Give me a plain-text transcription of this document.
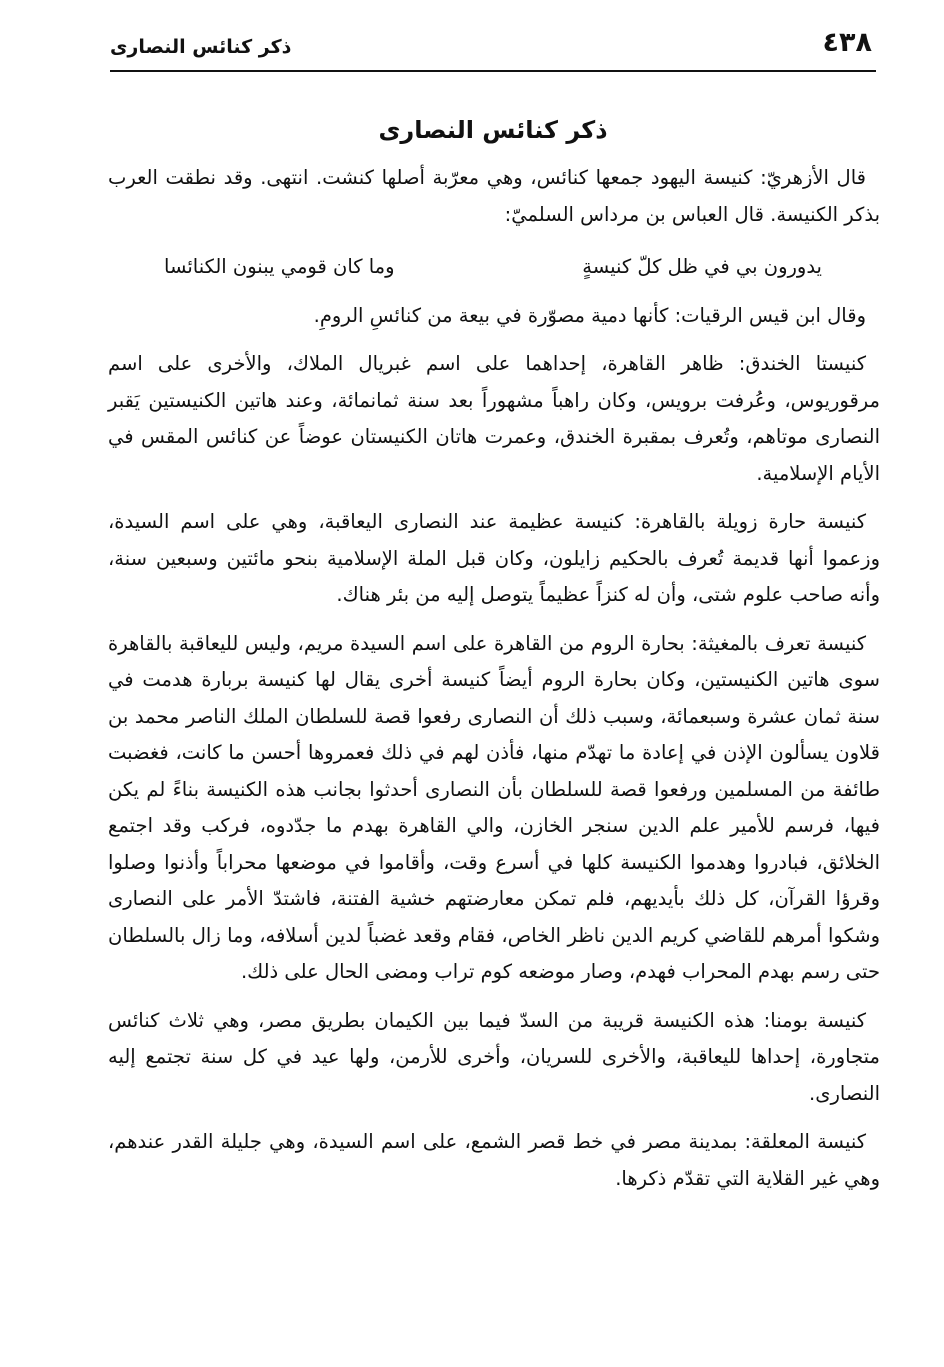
٤٣٨
ذكر كنائس النصارى
ذكر كنائس النصارى

قال الأزهريّ: كنيسة اليهود جمعها كنائس، وهي معرّبة أصلها كنشت. انتهى. وقد نطقت العرب بذكر الكنيسة. قال العباس بن مرداس السلميّ:

يدورون بي في ظل كلّ كنيسةٍ
وما كان قومي يبنون الكنائسا

وقال ابن قيس الرقيات: كأنها دمية مصوّرة في بيعة من كنائسِ الرومِ.

كنيستا الخندق: ظاهر القاهرة، إحداهما على اسم غبريال الملاك، والأخرى على اسم مرقوريوس، وعُرفت برويس، وكان راهباً مشهوراً بعد سنة ثمانمائة، وعند هاتين الكنيستين يَقبر النصارى موتاهم، وتُعرف بمقبرة الخندق، وعمرت هاتان الكنيستان عوضاً عن كنائس المقس في الأيام الإسلامية.

كنيسة حارة زويلة بالقاهرة: كنيسة عظيمة عند النصارى اليعاقبة، وهي على اسم السيدة، وزعموا أنها قديمة تُعرف بالحكيم زايلون، وكان قبل الملة الإسلامية بنحو مائتين وسبعين سنة، وأنه صاحب علوم شتى، وأن له كنزاً عظيماً يتوصل إليه من بئر هناك.

كنيسة تعرف بالمغيثة: بحارة الروم من القاهرة على اسم السيدة مريم، وليس لليعاقبة بالقاهرة سوى هاتين الكنيستين، وكان بحارة الروم أيضاً كنيسة أخرى يقال لها كنيسة بربارة هدمت في سنة ثمان عشرة وسبعمائة، وسبب ذلك أن النصارى رفعوا قصة للسلطان الملك الناصر محمد بن قلاون يسألون الإذن في إعادة ما تهدّم منها، فأذن لهم في ذلك فعمروها أحسن ما كانت، فغضبت طائفة من المسلمين ورفعوا قصة للسلطان بأن النصارى أحدثوا بجانب هذه الكنيسة بناءً لم يكن فيها، فرسم للأمير علم الدين سنجر الخازن، والي القاهرة بهدم ما جدّدوه، فركب وقد اجتمع الخلائق، فبادروا وهدموا الكنيسة كلها في أسرع وقت، وأقاموا في موضعها محراباً وأذنوا وصلوا وقرؤا القرآن، كل ذلك بأيديهم، فلم تمكن معارضتهم خشية الفتنة، فاشتدّ الأمر على النصارى وشكوا أمرهم للقاضي كريم الدين ناظر الخاص، فقام وقعد غضباً لدين أسلافه، وما زال بالسلطان حتى رسم بهدم المحراب فهدم، وصار موضعه كوم تراب ومضى الحال على ذلك.

كنيسة بومنا: هذه الكنيسة قريبة من السدّ فيما بين الكيمان بطريق مصر، وهي ثلاث كنائس متجاورة، إحداها لليعاقبة، والأخرى للسريان، وأخرى للأرمن، ولها عيد في كل سنة تجتمع إليه النصارى.

كنيسة المعلقة: بمدينة مصر في خط قصر الشمع، على اسم السيدة، وهي جليلة القدر عندهم، وهي غير القلاية التي تقدّم ذكرها.
